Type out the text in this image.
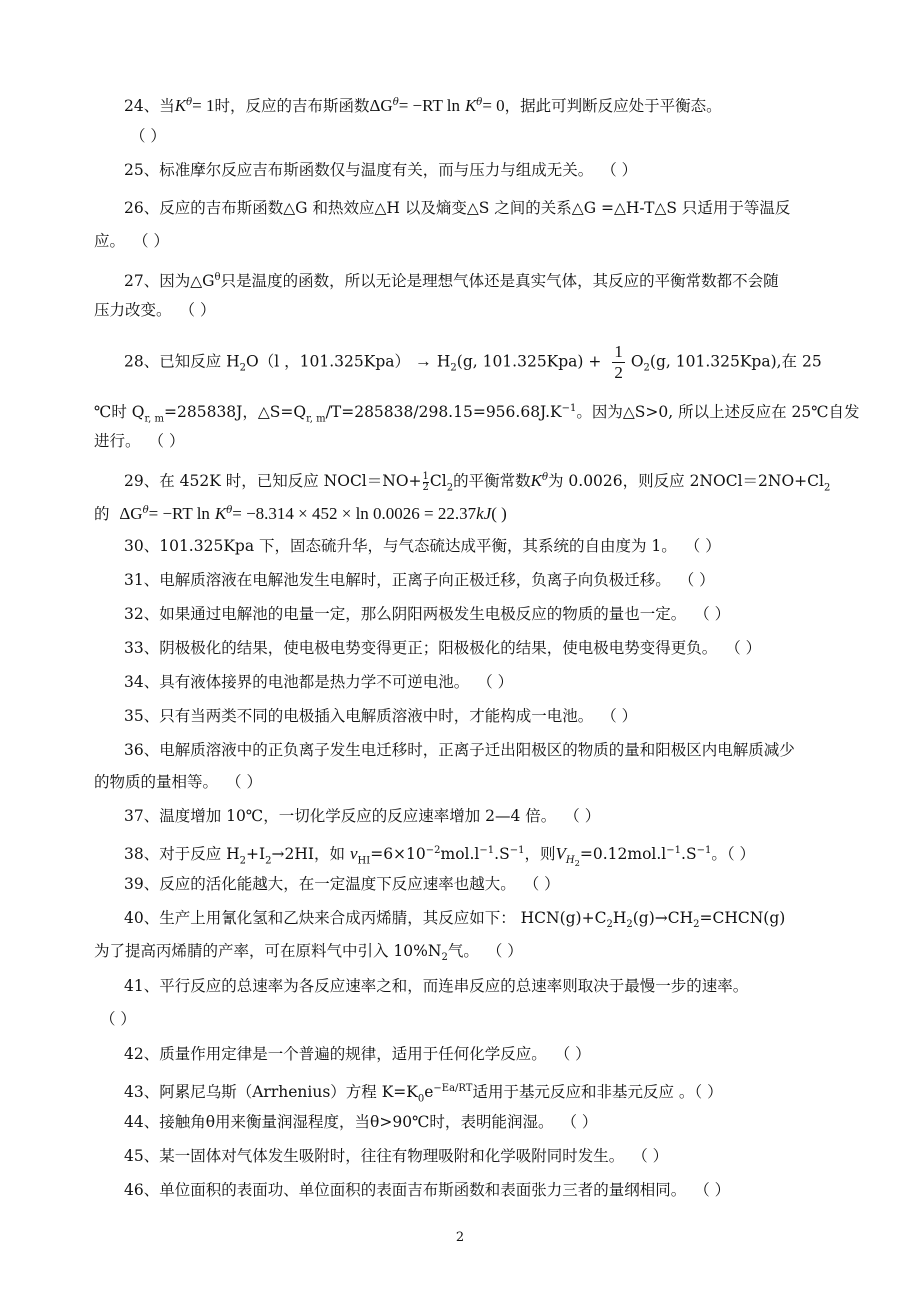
24、当$K^\theta= 1$时，反应的吉布斯函数$\Delta G^\theta= -RT$ $\ln K^\theta= 0$，据此可判断反应处于平衡态。
（ ）
25、标准摩尔反应吉布斯函数仅与温度有关，而与压力与组成无关。 （ ）
26、反应的吉布斯函数△G 和热效应△H 以及熵变△S 之间的关系△G =△H-T△S 只适用于等温反
应。 （ ）
27、因为$\triangle G^\theta$只是温度的函数，所以无论是理想气体还是真实气体，其反应的平衡常数都不会随
压力改变。 （ ）
28、已知反应 $H_2O(l$ ，$101.325Kpa) \to H_2(g$, $101.325Kpa) + \frac{1}{2} O_2(g$, 101.325Kpa),在 25
℃时 $Q_{r, m}=285838J$，$\triangle S=Q_{r, m}/T=285838/298.15=956.68J.K^{-1}$。因为△S>0, 所以上述反应在 25℃自发
进行。 （ ）
29、在 452K 时，已知反应 NOCl＝NO+ $\frac{1}{2}Cl_2$的平衡常数$K^\theta$为 0.0026，则反应 $2NOCl=2NO+Cl_2$
的 $\Delta G^\theta= -RT$ $\ln K^\theta= -8.314 \times 452 \times \ln 0.0026 = 22.37kJ$( )
30、101.325Kpa 下，固态硫升华，与气态硫达成平衡，其系统的自由度为 1。 （ ）
31、电解质溶液在电解池发生电解时，正离子向正极迁移，负离子向负极迁移。 （ ）
32、如果通过电解池的电量一定，那么阴阳两极发生电极反应的物质的量也一定。 （ ）
33、阴极极化的结果，使电极电势变得更正；阳极极化的结果，使电极电势变得更负。 （ ）
34、具有液体接界的电池都是热力学不可逆电池。 （ ）
35、只有当两类不同的电极插入电解质溶液中时，才能构成一电池。 （ ）
36、电解质溶液中的正负离子发生电迁移时，正离子迁出阳极区的物质的量和阳极区内电解质减少
的物质的量相等。 （ ）
37、温度增加 10℃，一切化学反应的反应速率增加 2—4 倍。 （ ）
38、对于反应 $H_2+I_2\to 2HI$，如 $v_{HI}=6\times 10^{-2}mol.l^{-1}.S^{-1}$，则$V_{H_2}=0.12mol.l^{-1}.S^{-1}$。（ ）
39、反应的活化能越大，在一定温度下反应速率也越大。 （ ）
40、生产上用氰化氢和乙炔来合成丙烯腈，其反应如下： $HCN(g)+C_2H_2(g)\to CH_2=CHCN(g)$
为了提高丙烯腈的产率，可在原料气中引入 $10\%N_2$气。 （ ）
41、平行反应的总速率为各反应速率之和，而连串反应的总速率则取决于最慢一步的速率。
（ ）
42、质量作用定律是一个普遍的规律，适用于任何化学反应。 （ ）
43、阿累尼乌斯（Arrhenius）方程 $K=K_0e^{-Ea/RT}$适用于基元反应和非基元反应 。（ ）
44、接触角θ用来衡量润湿程度，当θ>90℃时，表明能润湿。 （ ）
45、某一固体对气体发生吸附时，往往有物理吸附和化学吸附同时发生。 （ ）
46、单位面积的表面功、单位面积的表面吉布斯函数和表面张力三者的量纲相同。 （ ）
2
